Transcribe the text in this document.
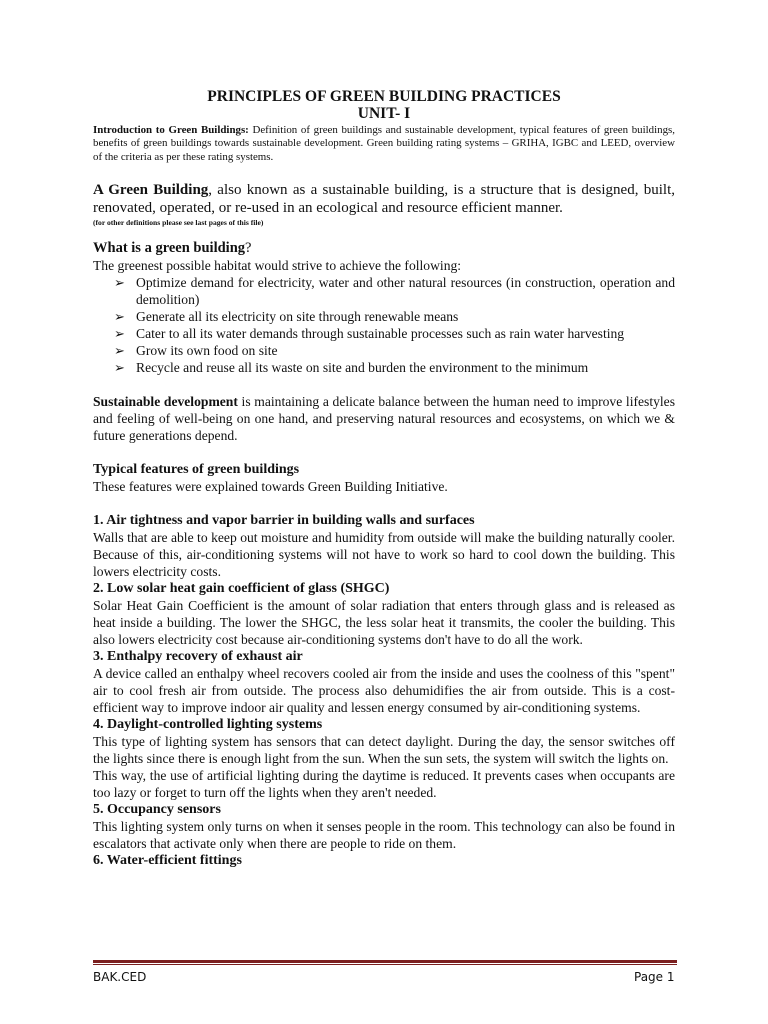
PRINCIPLES OF GREEN BUILDING PRACTICES
UNIT- I
Introduction to Green Buildings: Definition of green buildings and sustainable development, typical features of green buildings, benefits of green buildings towards sustainable development. Green building rating systems – GRIHA, IGBC and LEED, overview of the criteria as per these rating systems.
A Green Building, also known as a sustainable building, is a structure that is designed, built, renovated, operated, or re-used in an ecological and resource efficient manner.
(for other definitions please see last pages of this file)
What is a green building?
The greenest possible habitat would strive to achieve the following:
➢ Optimize demand for electricity, water and other natural resources (in construction, operation and demolition)
➢ Generate all its electricity on site through renewable means
➢ Cater to all its water demands through sustainable processes such as rain water harvesting
➢ Grow its own food on site
➢ Recycle and reuse all its waste on site and burden the environment to the minimum
Sustainable development is maintaining a delicate balance between the human need to improve lifestyles and feeling of well-being on one hand, and preserving natural resources and ecosystems, on which we & future generations depend.
Typical features of green buildings
These features were explained towards Green Building Initiative.
1. Air tightness and vapor barrier in building walls and surfaces
Walls that are able to keep out moisture and humidity from outside will make the building naturally cooler. Because of this, air-conditioning systems will not have to work so hard to cool down the building. This lowers electricity costs.
2. Low solar heat gain coefficient of glass (SHGC)
Solar Heat Gain Coefficient is the amount of solar radiation that enters through glass and is released as heat inside a building. The lower the SHGC, the less solar heat it transmits, the cooler the building. This also lowers electricity cost because air-conditioning systems don't have to do all the work.
3. Enthalpy recovery of exhaust air
A device called an enthalpy wheel recovers cooled air from the inside and uses the coolness of this "spent" air to cool fresh air from outside. The process also dehumidifies the air from outside. This is a cost-efficient way to improve indoor air quality and lessen energy consumed by air-conditioning systems.
4. Daylight-controlled lighting systems
This type of lighting system has sensors that can detect daylight. During the day, the sensor switches off the lights since there is enough light from the sun. When the sun sets, the system will switch the lights on.
This way, the use of artificial lighting during the daytime is reduced. It prevents cases when occupants are too lazy or forget to turn off the lights when they aren't needed.
5. Occupancy sensors
This lighting system only turns on when it senses people in the room. This technology can also be found in escalators that activate only when there are people to ride on them.
6. Water-efficient fittings
BAK.CED	Page 1
